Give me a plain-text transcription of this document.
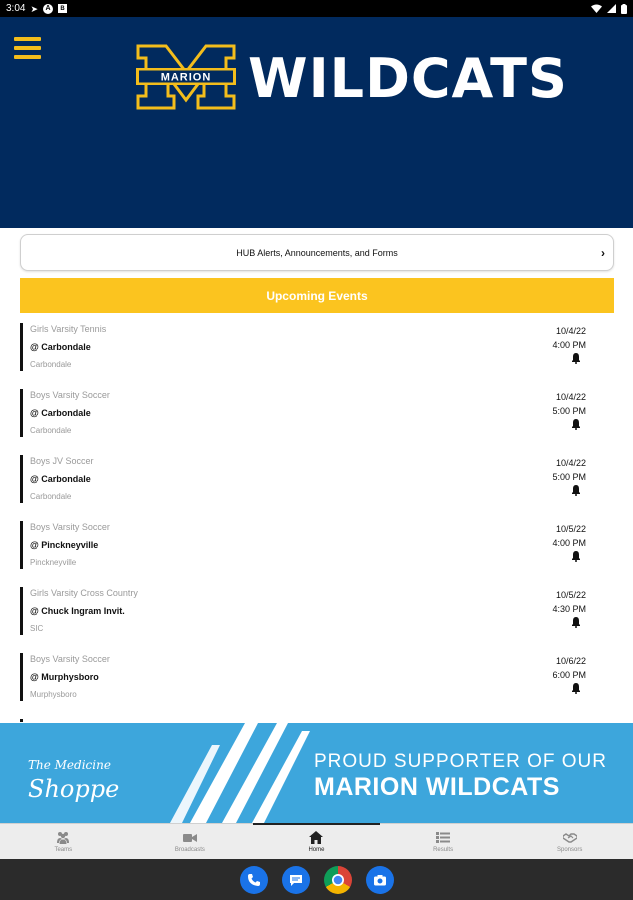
3:04 ➤	A	B
MARION WILDCATS
HUB Alerts, Announcements, and Forms	›
Upcoming Events
Girls Varsity Tennis
@ Carbondale
Carbondale
10/4/22
4:00 PM
Boys Varsity Soccer
@ Carbondale
Carbondale
10/4/22
5:00 PM
Boys JV Soccer
@ Carbondale
Carbondale
10/4/22
5:00 PM
Boys Varsity Soccer
@ Pinckneyville
Pinckneyville
10/5/22
4:00 PM
Girls Varsity Cross Country
@ Chuck Ingram Invit.
SIC
10/5/22
4:30 PM
Boys Varsity Soccer
@ Murphysboro
Murphysboro
10/6/22
6:00 PM
The Medicine
Shoppe
PROUD SUPPORTER OF OUR
MARION WILDCATS
Teams	Broadcasts	Home	Results	Sponsors
